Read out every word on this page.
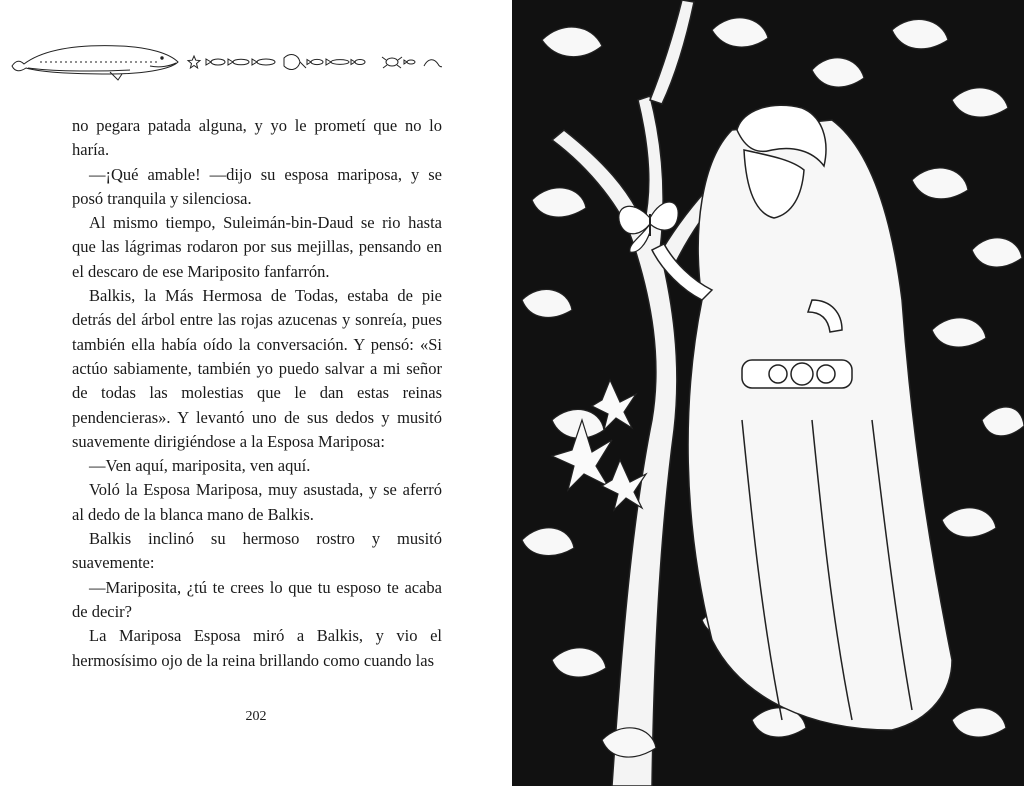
no pegara patada alguna, y yo le prometí que no lo haría.

—¡Qué amable! —dijo su esposa mariposa, y se posó tranquila y silenciosa.

Al mismo tiempo, Suleimán-bin-Daud se rio hasta que las lágrimas rodaron por sus mejillas, pensando en el descaro de ese Mariposito fanfarrón.

Balkis, la Más Hermosa de Todas, estaba de pie detrás del árbol entre las rojas azucenas y sonreía, pues también ella había oído la conversación. Y pensó: «Si actúo sabiamente, también yo puedo salvar a mi señor de todas las molestias que le dan estas reinas pendencieras». Y levantó uno de sus dedos y musitó suavemente dirigiéndose a la Esposa Mariposa:

—Ven aquí, mariposita, ven aquí.

Voló la Esposa Mariposa, muy asustada, y se aferró al dedo de la blanca mano de Balkis.

Balkis inclinó su hermoso rostro y musitó suavemente:

—Mariposita, ¿tú te crees lo que tu esposo te acaba de decir?

La Mariposa Esposa miró a Balkis, y vio el hermosísimo ojo de la reina brillando como cuando las

202
